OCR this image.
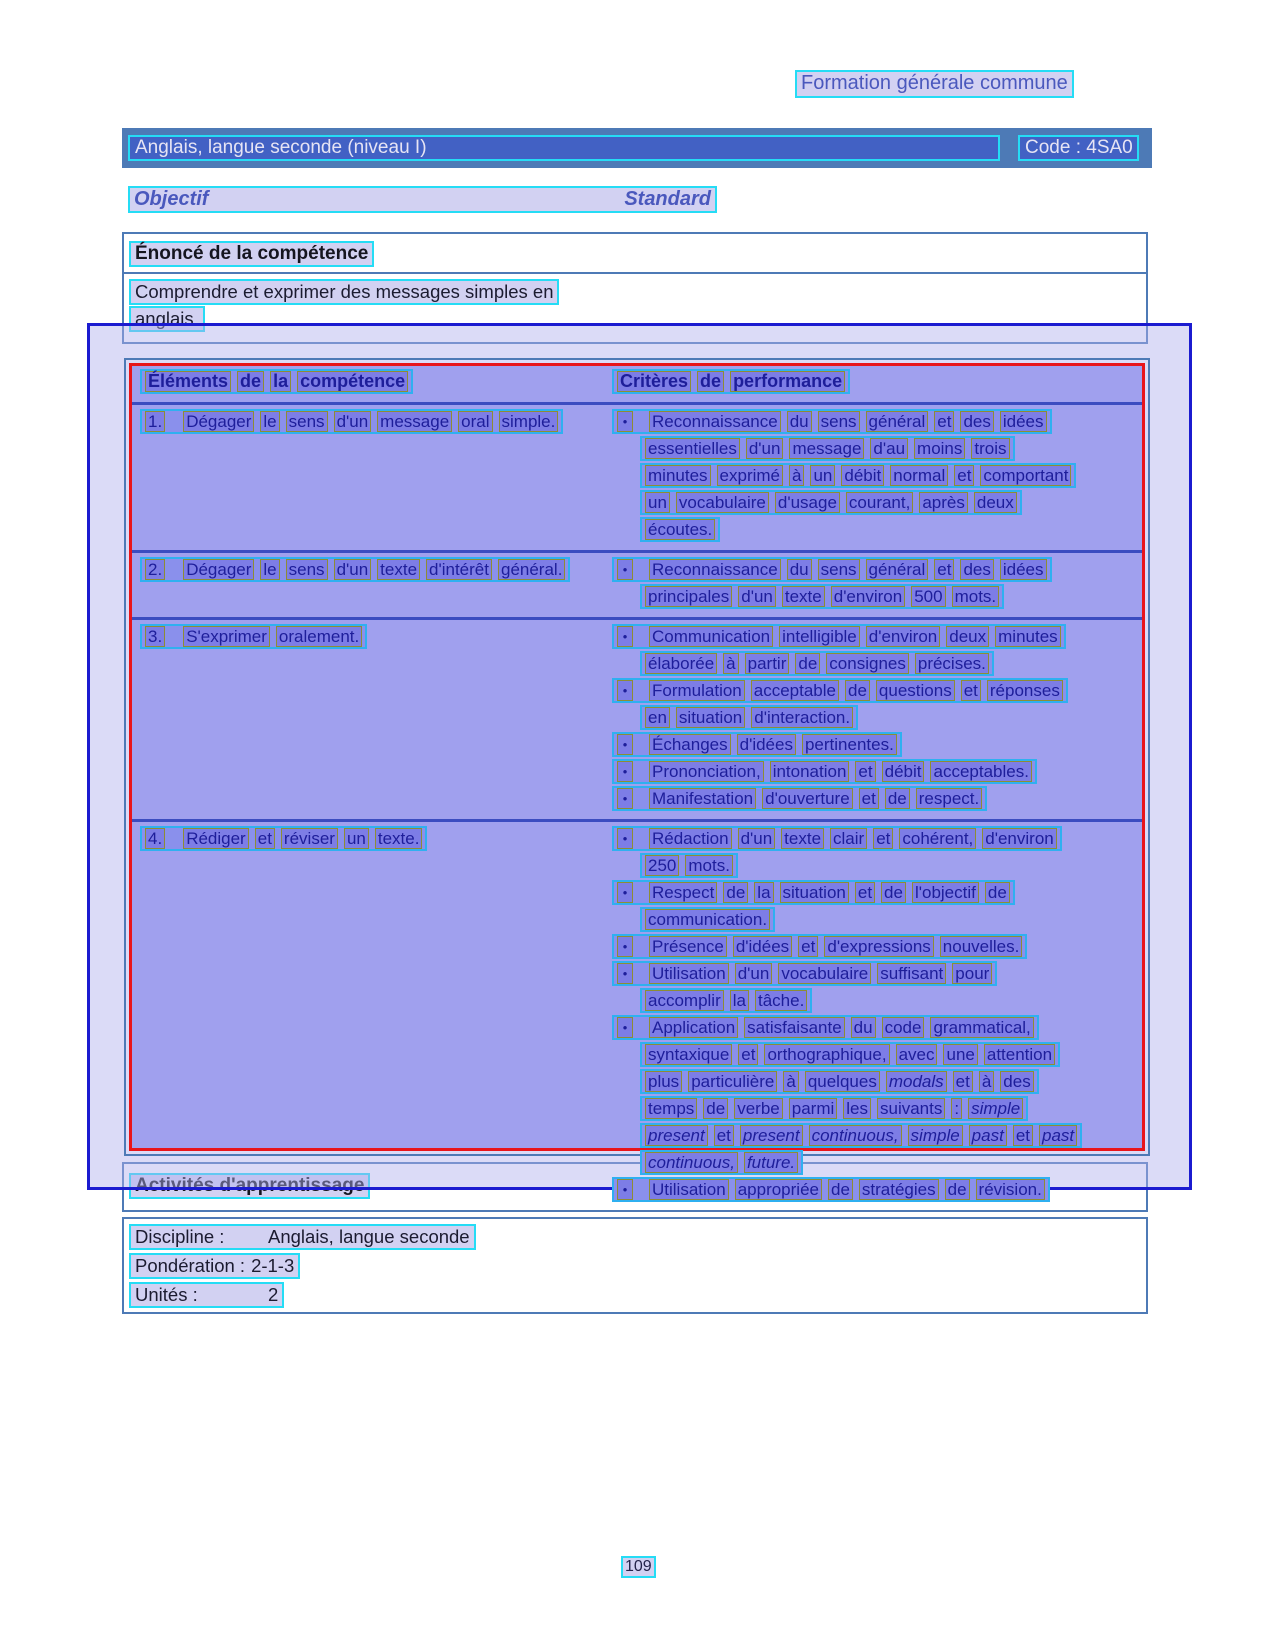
Formation générale commune
Anglais, langue seconde (niveau I)	Code : 4SA0
Objectif	Standard
Énoncé de la compétence
Comprendre et exprimer des messages simples en
anglais.
Éléments de la compétence	Critères de performance
1. Dégager le sens d'un message oral simple.	•	Reconnaissance du sens général et des idées

essentielles d'un message d'au moins trois

minutes exprimé à un débit normal et comportant

un vocabulaire d'usage courant, après deux

écoutes.

2. Dégager le sens d'un texte d'intérêt général.	•	Reconnaissance du sens général et des idées

principales d'un texte d'environ 500 mots.

3. S'exprimer oralement.	•	Communication intelligible d'environ deux minutes

élaborée à partir de consignes précises.

•	Formulation acceptable de questions et réponses

en situation d'interaction.

•	Échanges d'idées pertinentes.

•	Prononciation, intonation et débit acceptables.

•	Manifestation d'ouverture et de respect.

4. Rédiger et réviser un texte.	•	Rédaction d'un texte clair et cohérent, d'environ

250 mots.

•	Respect de la situation et de l'objectif de

communication.

•	Présence d'idées et d'expressions nouvelles.

•	Utilisation d'un vocabulaire suffisant pour

accomplir la tâche.

•	Application satisfaisante du code grammatical,

syntaxique et orthographique, avec une attention

plus particulière à quelques modals et à des

temps de verbe parmi les suivants : simple

present et present continuous, simple past et past

continuous, future.

•	Utilisation appropriée de stratégies de révision.

Activités d'apprentissage
Discipline :	Anglais, langue seconde
Pondération : 2-1-3
Unités :	2
109
